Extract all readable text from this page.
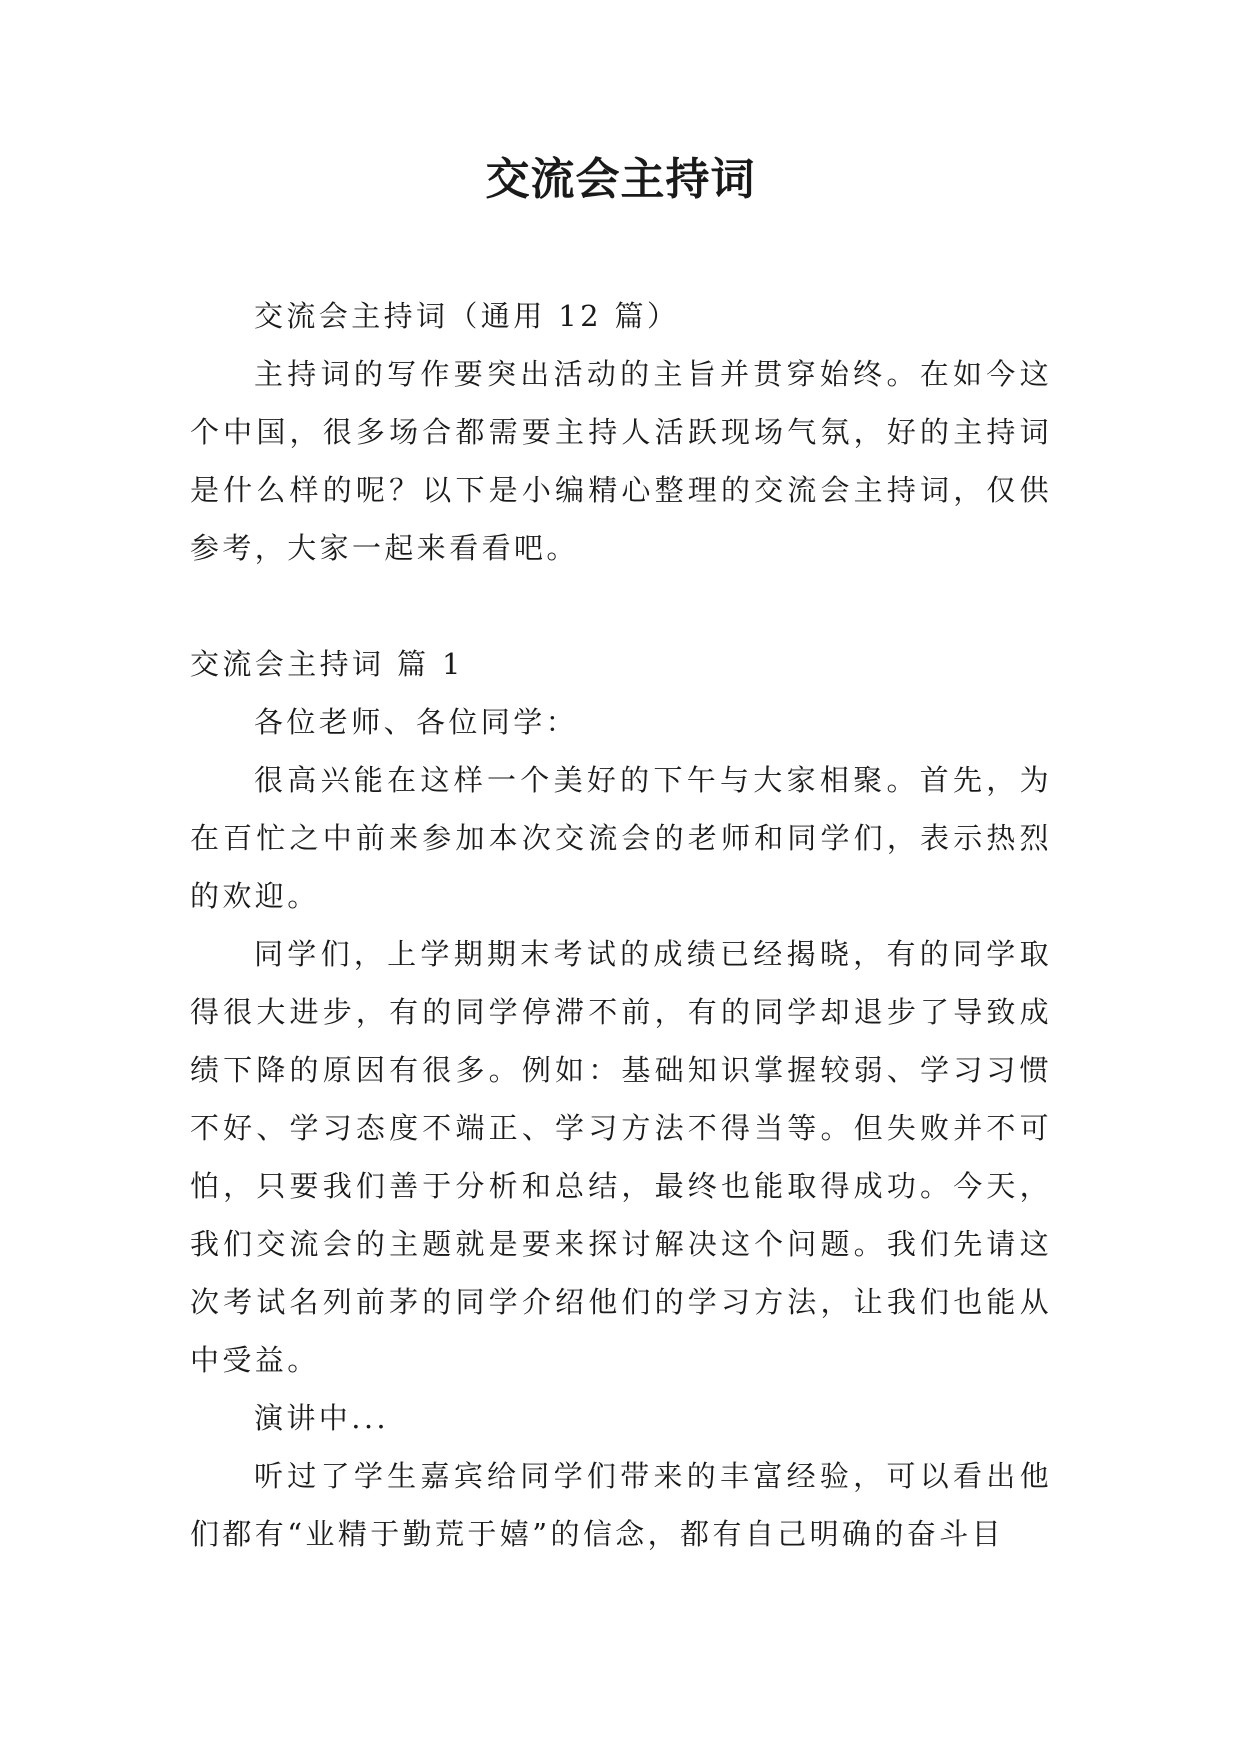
交流会主持词

交流会主持词（通用 12 篇）

主持词的写作要突出活动的主旨并贯穿始终。在如今这个中国，很多场合都需要主持人活跃现场气氛，好的主持词是什么样的呢？以下是小编精心整理的交流会主持词，仅供参考，大家一起来看看吧。

交流会主持词 篇 1

各位老师、各位同学：

很高兴能在这样一个美好的下午与大家相聚。首先，为在百忙之中前来参加本次交流会的老师和同学们，表示热烈的欢迎。

同学们，上学期期末考试的成绩已经揭晓，有的同学取得很大进步，有的同学停滞不前，有的同学却退步了导致成绩下降的原因有很多。例如：基础知识掌握较弱、学习习惯不好、学习态度不端正、学习方法不得当等。但失败并不可怕，只要我们善于分析和总结，最终也能取得成功。今天，我们交流会的主题就是要来探讨解决这个问题。我们先请这次考试名列前茅的同学介绍他们的学习方法，让我们也能从中受益。

演讲中...

听过了学生嘉宾给同学们带来的丰富经验，可以看出他们都有“业精于勤荒于嬉”的信念，都有自己明确的奋斗目
